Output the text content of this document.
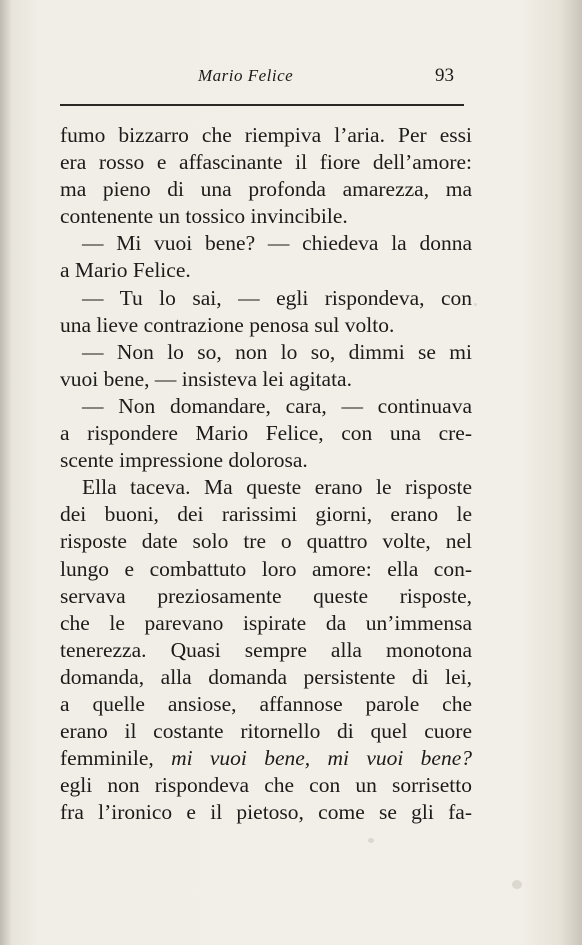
Mario Felice	93
fumo bizzarro che riempiva l’aria. Per essi
era rosso e affascinante il fiore dell’amore:
ma pieno di una profonda amarezza, ma
contenente un tossico invincibile.
— Mi vuoi bene? — chiedeva la donna
a Mario Felice.
— Tu lo sai, — egli rispondeva, con
una lieve contrazione penosa sul volto.
— Non lo so, non lo so, dimmi se mi
vuoi bene, — insisteva lei agitata.
— Non domandare, cara, — continuava
a rispondere Mario Felice, con una cre-
scente impressione dolorosa.
Ella taceva. Ma queste erano le risposte
dei buoni, dei rarissimi giorni, erano le
risposte date solo tre o quattro volte, nel
lungo e combattuto loro amore: ella con-
servava preziosamente queste risposte,
che le parevano ispirate da un’immensa
tenerezza. Quasi sempre alla monotona
domanda, alla domanda persistente di lei,
a quelle ansiose, affannose parole che
erano il costante ritornello di quel cuore
femminile, mi vuoi bene, mi vuoi bene?
egli non rispondeva che con un sorrisetto
fra l’ironico e il pietoso, come se gli fa-
